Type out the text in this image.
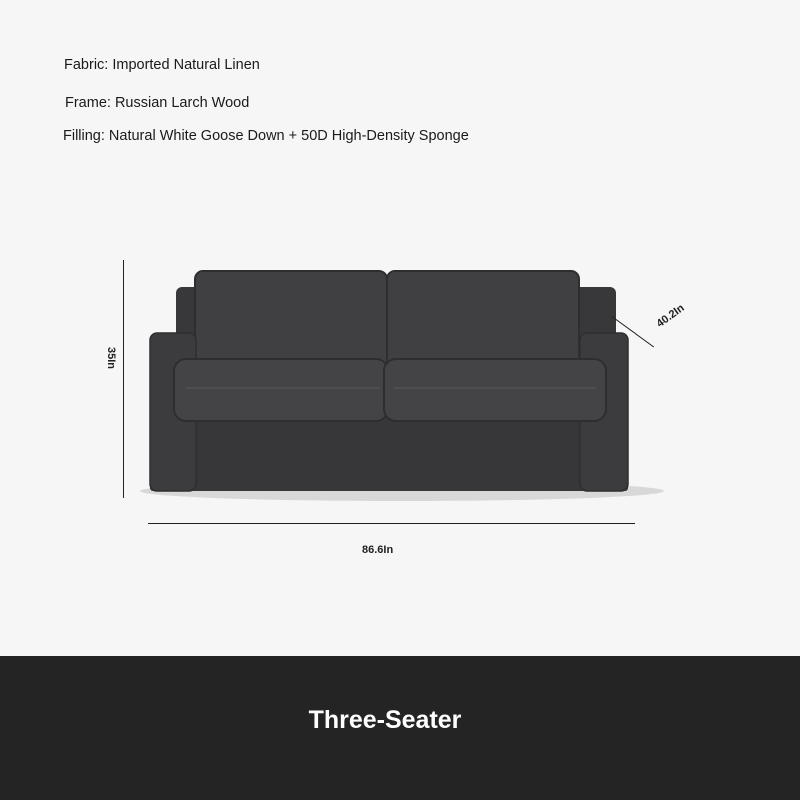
Fabric: Imported Natural Linen
Frame: Russian Larch Wood
Filling: Natural White Goose Down + 50D High-Density Sponge
35In
86.6In
40.2In
Three-Seater
